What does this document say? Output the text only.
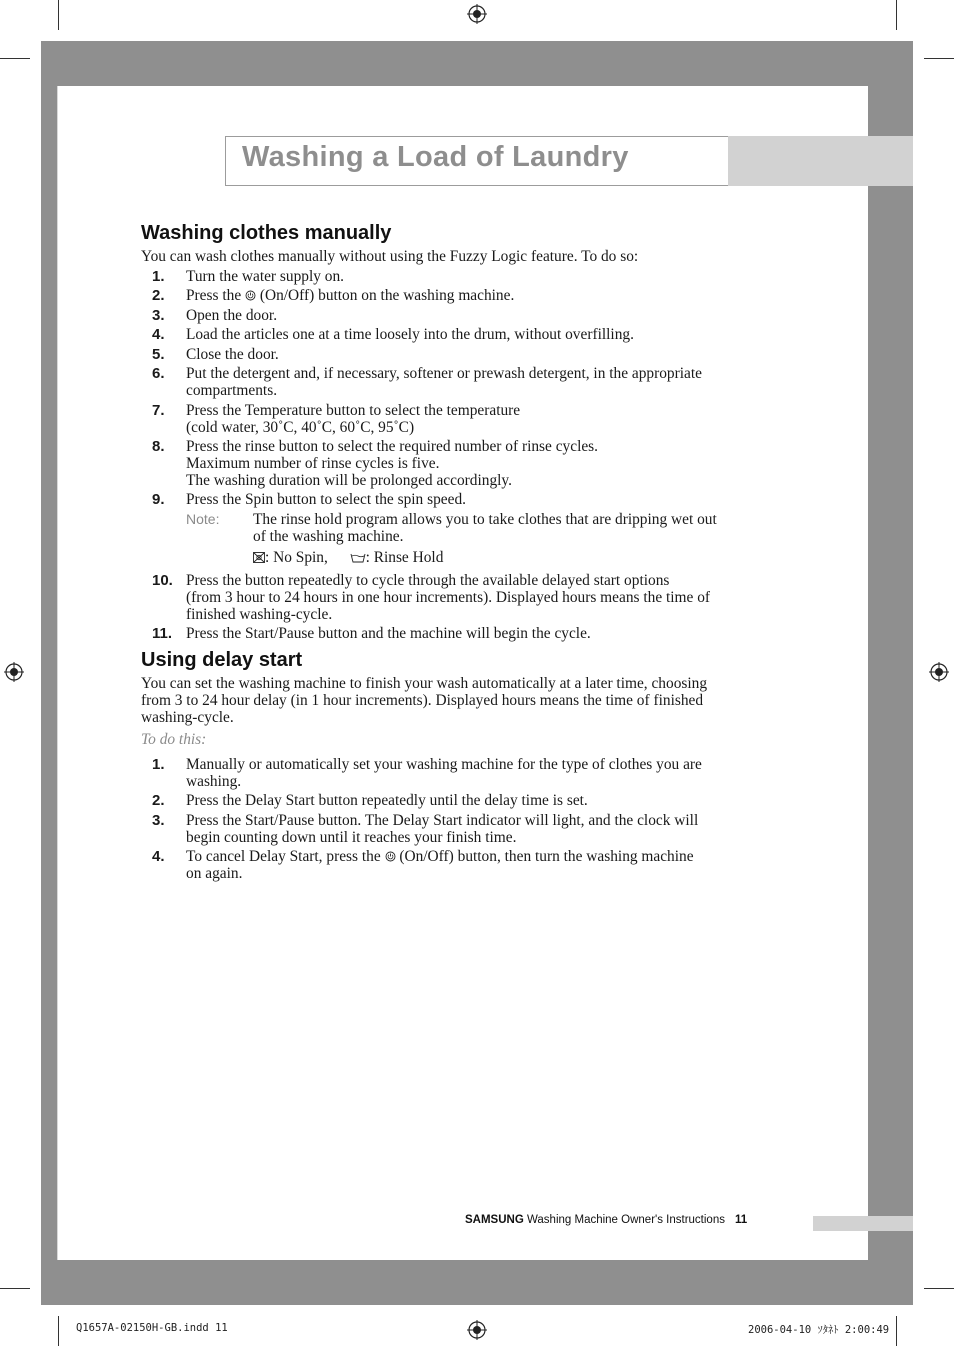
Washing a Load of Laundry
Washing clothes manually
You can wash clothes manually without using the Fuzzy Logic feature. To do so:
1. Turn the water supply on.
2. Press the  (On/Off) button on the washing machine.
3. Open the door.
4. Load the articles one at a time loosely into the drum, without overfilling.
5. Close the door.
6. Put the detergent and, if necessary, softener or prewash detergent, in the appropriate
compartments.
7. Press the Temperature button to select the temperature
(cold water, 30˚C, 40˚C, 60˚C, 95˚C)
8. Press the rinse button to select the required number of rinse cycles.
Maximum number of rinse cycles is five.
The washing duration will be prolonged accordingly.
9. Press the Spin button to select the spin speed.
Note: The rinse hold program allows you to take clothes that are dripping wet out
of the washing machine.
: No Spin, : Rinse Hold
10. Press the button repeatedly to cycle through the available delayed start options
(from 3 hour to 24 hours in one hour increments). Displayed hours means the time of
finished washing-cycle.
11. Press the Start/Pause button and the machine will begin the cycle.
Using delay start
You can set the washing machine to finish your wash automatically at a later time, choosing
from 3 to 24 hour delay (in 1 hour increments). Displayed hours means the time of finished
washing-cycle.
To do this:
1. Manually or automatically set your washing machine for the type of clothes you are
washing.
2. Press the Delay Start button repeatedly until the delay time is set.
3. Press the Start/Pause button. The Delay Start indicator will light, and the clock will
begin counting down until it reaches your finish time.
4. To cancel Delay Start, press the  (On/Off) button, then turn the washing machine
on again.
SAMSUNG Washing Machine Owner's Instructions 11
Q1657A-02150H-GB.indd 11	2006-04-10 ｿﾀﾈﾄ 2:00:49
